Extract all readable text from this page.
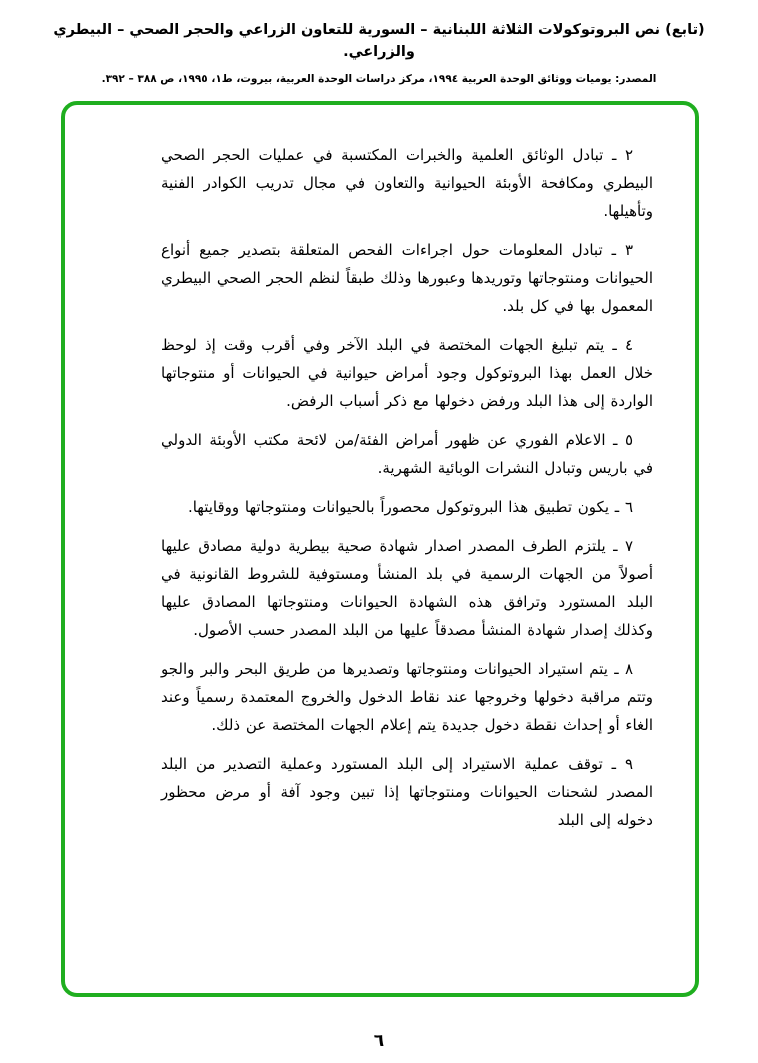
(تابع) نص البروتوكولات الثلاثة اللبنانية – السورية للتعاون الزراعي والحجر الصحي – البيطري والزراعي.
المصدر: يوميات ووثائق الوحدة العربية ١٩٩٤، مركز دراسات الوحدة العربية، بيروت، ط١، ١٩٩٥، ص ٣٨٨ – ٣٩٢.

٢ ـ تبادل الوثائق العلمية والخبرات المكتسبة في عمليات الحجر الصحي البيطري ومكافحة الأوبئة الحيوانية والتعاون في مجال تدريب الكوادر الفنية وتأهيلها.

٣ ـ تبادل المعلومات حول اجراءات الفحص المتعلقة بتصدير جميع أنواع الحيوانات ومنتوجاتها وتوريدها وعبورها وذلك طبقاً لنظم الحجر الصحي البيطري المعمول بها في كل بلد.

٤ ـ يتم تبليغ الجهات المختصة في البلد الآخر وفي أقرب وقت إذ لوحظ خلال العمل بهذا البروتوكول وجود أمراض حيوانية في الحيوانات أو منتوجاتها الواردة إلى هذا البلد ورفض دخولها مع ذكر أسباب الرفض.

٥ ـ الاعلام الفوري عن ظهور أمراض الفئة/من لائحة مكتب الأوبئة الدولي في باريس وتبادل النشرات الوبائية الشهرية.

٦ ـ يكون تطبيق هذا البروتوكول محصوراً بالحيوانات ومنتوجاتها ووقايتها.

٧ ـ يلتزم الطرف المصدر اصدار شهادة صحية بيطرية دولية مصادق عليها أصولاً من الجهات الرسمية في بلد المنشأ ومستوفية للشروط القانونية في البلد المستورد وترافق هذه الشهادة الحيوانات ومنتوجاتها المصادق عليها وكذلك إصدار شهادة المنشأ مصدقاً عليها من البلد المصدر حسب الأصول.

٨ ـ يتم استيراد الحيوانات ومنتوجاتها وتصديرها من طريق البحر والبر والجو وتتم مراقبة دخولها وخروجها عند نقاط الدخول والخروج المعتمدة رسمياً وعند الغاء أو إحداث نقطة دخول جديدة يتم إعلام الجهات المختصة عن ذلك.

٩ ـ توقف عملية الاستيراد إلى البلد المستورد وعملية التصدير من البلد المصدر لشحنات الحيوانات ومنتوجاتها إذا تبين وجود آفة أو مرض محظور دخوله إلى البلد

٦
